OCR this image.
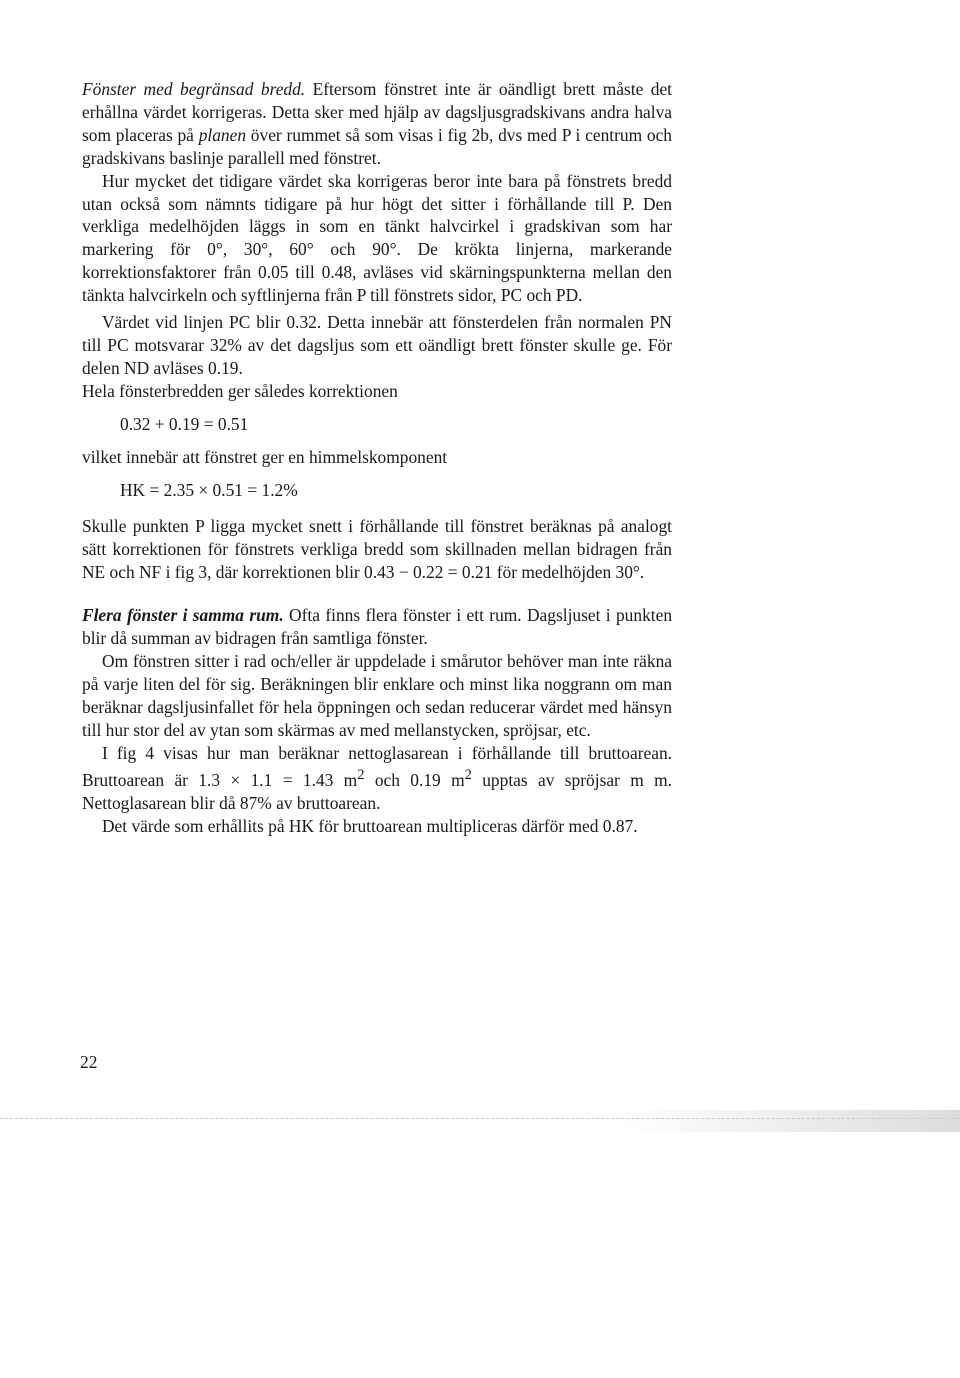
Fönster med begränsad bredd. Eftersom fönstret inte är oändligt brett måste det erhållna värdet korrigeras. Detta sker med hjälp av dagsljusgradskivans andra halva som placeras på planen över rummet så som visas i fig 2b, dvs med P i centrum och gradskivans baslinje parallell med fönstret.

Hur mycket det tidigare värdet ska korrigeras beror inte bara på fönstrets bredd utan också som nämnts tidigare på hur högt det sitter i förhållande till P. Den verkliga medelhöjden läggs in som en tänkt halvcirkel i gradskivan som har markering för 0°, 30°, 60° och 90°. De krökta linjerna, markerande korrektionsfaktorer från 0.05 till 0.48, avläses vid skärningspunkterna mellan den tänkta halvcirkeln och syftlinjerna från P till fönstrets sidor, PC och PD.

Värdet vid linjen PC blir 0.32. Detta innebär att fönsterdelen från normalen PN till PC motsvarar 32% av det dagsljus som ett oändligt brett fönster skulle ge. För delen ND avläses 0.19.

Hela fönsterbredden ger således korrektionen

0.32 + 0.19 = 0.51

vilket innebär att fönstret ger en himmelskomponent

HK = 2.35 × 0.51 = 1.2%

Skulle punkten P ligga mycket snett i förhållande till fönstret beräknas på analogt sätt korrektionen för fönstrets verkliga bredd som skillnaden mellan bidragen från NE och NF i fig 3, där korrektionen blir 0.43 − 0.22 = 0.21 för medelhöjden 30°.

Flera fönster i samma rum. Ofta finns flera fönster i ett rum. Dagsljuset i punkten blir då summan av bidragen från samtliga fönster.

Om fönstren sitter i rad och/eller är uppdelade i smårutor behöver man inte räkna på varje liten del för sig. Beräkningen blir enklare och minst lika noggrann om man beräknar dagsljusinfallet för hela öppningen och sedan reducerar värdet med hänsyn till hur stor del av ytan som skärmas av med mellanstycken, spröjsar, etc.

I fig 4 visas hur man beräknar nettoglasarean i förhållande till bruttoarean. Bruttoarean är 1.3 × 1.1 = 1.43 $m^2$ och 0.19 $m^2$ upptas av spröjsar m m. Nettoglasarean blir då 87% av bruttoarean.

Det värde som erhållits på HK för bruttoarean multipliceras därför med 0.87.

22
